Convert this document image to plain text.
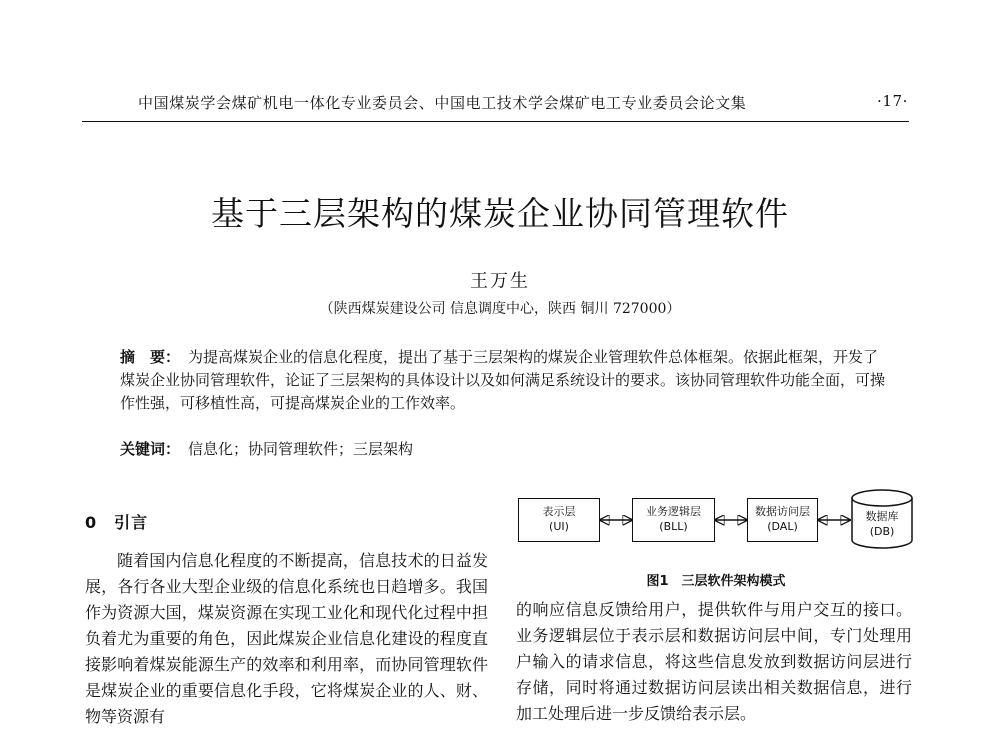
中国煤炭学会煤矿机电一体化专业委员会、中国电工技术学会煤矿电工专业委员会论文集	·17·
基于三层架构的煤炭企业协同管理软件
王万生
（陕西煤炭建设公司 信息调度中心，陕西 铜川 727000）

摘　要： 为提高煤炭企业的信息化程度，提出了基于三层架构的煤炭企业管理软件总体框架。依据此框架，开发了煤炭企业协同管理软件，论证了三层架构的具体设计以及如何满足系统设计的要求。该协同管理软件功能全面，可操作性强，可移植性高，可提高煤炭企业的工作效率。

关键词： 信息化；协同管理软件；三层架构
0　引言

随着国内信息化程度的不断提高，信息技术的日益发展，各行各业大型企业级的信息化系统也日趋增多。我国作为资源大国，煤炭资源在实现工业化和现代化过程中担负着尤为重要的角色，因此煤炭企业信息化建设的程度直接影响着煤炭能源生产的效率和利用率，而协同管理软件是煤炭企业的重要信息化手段，它将煤炭企业的人、财、物等资源有

表示层
(UI)
业务逻辑层
(BLL)
数据访问层
(DAL)
数据库
(DB)
图1　三层软件架构模式

的响应信息反馈给用户，提供软件与用户交互的接口。业务逻辑层位于表示层和数据访问层中间，专门处理用户输入的请求信息，将这些信息发放到数据访问层进行存储，同时将通过数据访问层读出相关数据信息，进行加工处理后进一步反馈给表示层。
